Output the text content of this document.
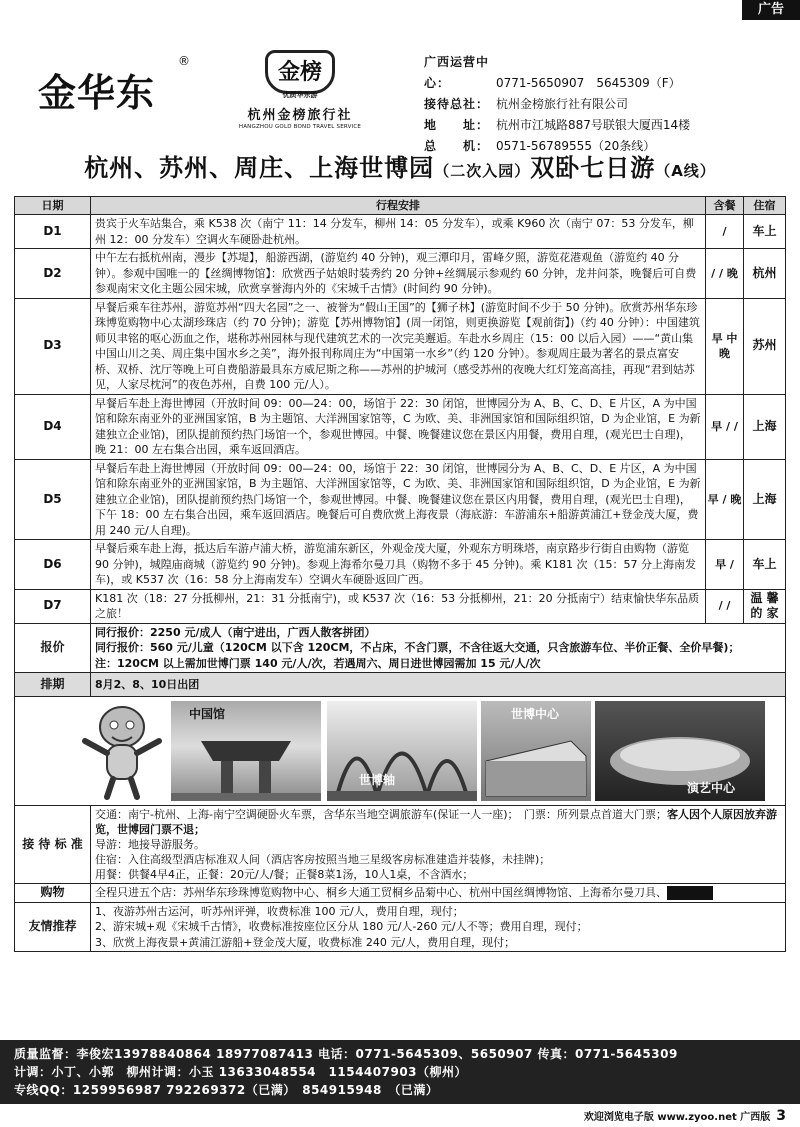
广告
金华东
®	金榜
优质华东游
杭州金榜旅行社
HANGZHOU GOLD BOND TRAVEL SERVICE
广西运营中心：	0771-5650907　5645309（F）
接待总社： 杭州金榜旅行社有限公司
地　　址： 杭州市江城路887号联银大厦西14楼
总　　机： 0571-56789555（20条线）
杭州、苏州、周庄、上海世博园（二次入园）双卧七日游（A线）
日期	行程安排	含餐	住宿
D1	贵宾于火车站集合，乘 K538 次（南宁 11：14 分发车，柳州 14：05 分发车），或乘 K960 次（南宁 07：53 分发车，柳州 12：00 分发车）空调火车硬卧赴杭州。	/	车上
D2	中午左右抵杭州南，漫步【苏堤】，船游西湖，(游览约 40 分钟)，观三潭印月，雷峰夕照，游览花港观鱼（游览约 40 分钟）。参观中国唯一的【丝绸博物馆】：欣赏西子姑娘时装秀约 20 分钟+丝绸展示参观约 60 分钟，龙井问茶，晚餐后可自费参观南宋文化主题公园宋城，欣赏享誉海内外的《宋城千古情》(时间约 90 分钟)。	/ / 晚	杭州
D3	早餐后乘车往苏州，游览苏州“四大名园”之一、被誉为“假山王国”的【狮子林】(游览时间不少于 50 分钟)。欣赏苏州华东珍珠博览购物中心太湖珍珠店（约 70 分钟)；游览【苏州博物馆】(周一闭馆，则更换游览【观前街】)（约 40 分钟）：中国建筑师贝聿铭的呕心沥血之作，堪称苏州园林与现代建筑艺术的一次完美邂逅。车赴水乡周庄（15：00 以后入园）——“黄山集中国山川之美、周庄集中国水乡之美”，海外报刊称周庄为“中国第一水乡”（约 120 分钟）。参观周庄最为著名的景点富安桥、双桥、沈厅等晚上可自费船游最具东方威尼斯之称——苏州的护城河（感受苏州的夜晚大红灯笼高高挂，再现“君到姑苏见，人家尽枕河”的夜色苏州，自费 100 元/人）。	早 中 晚	苏州
D4	早餐后车赴上海世博园（开放时间 09：00—24：00，场馆于 22：30 闭馆，世博园分为 A、B、C、D、E 片区，A 为中国馆和除东南亚外的亚洲国家馆，B 为主题馆、大洋洲国家馆等，C 为欧、美、非洲国家馆和国际组织馆，D 为企业馆，E 为新建独立企业馆)，团队提前预约热门场馆一个，参观世博园。中餐、晚餐建议您在景区内用餐，费用自理，(观光巴士自理)，晚 21：00 左右集合出园，乘车返回酒店。	早 / /	上海
D5	早餐后车赴上海世博园（开放时间 09：00—24：00，场馆于 22：30 闭馆，世博园分为 A、B、C、D、E 片区，A 为中国馆和除东南亚外的亚洲国家馆，B 为主题馆、大洋洲国家馆等，C 为欧、美、非洲国家馆和国际组织馆，D 为企业馆，E 为新建独立企业馆)，团队提前预约热门场馆一个，参观世博园。中餐、晚餐建议您在景区内用餐，费用自理，(观光巴士自理)，下午 18：00 左右集合出园，乘车返回酒店。晚餐后可自费欣赏上海夜景（海底游：车游浦东+船游黄浦江+登金茂大厦，费用 240 元/人自理)。	早 / 晚	上海
D6	早餐后乘车赴上海，抵达后车游卢浦大桥，游览浦东新区，外观金茂大厦，外观东方明珠塔，南京路步行街自由购物（游览 90 分钟)，城隍庙商城（游览约 90 分钟)。参观上海希尔曼刀具（购物不多于 45 分钟)。乘 K181 次（15：57 分上海南发车)，或 K537 次（16：58 分上海南发车）空调火车硬卧返回广西。	早 /	车上
D7	K181 次（18：27 分抵柳州，21：31 分抵南宁)，或 K537 次（16：53 分抵柳州，21：20 分抵南宁）结束愉快华东品质之旅！	/ /	温 馨 的 家
报价	同行报价：2250 元/成人（南宁进出，广西人散客拼团）
同行报价：560 元/儿童（120CM 以下含 120CM，不占床，不含门票，不含往返大交通，只含旅游车位、半价正餐、全价早餐)；
注：120CM 以上需加世博门票 140 元/人/次，若遇周六、周日进世博园需加 15 元/人/次		

排期	8月2、8、10日出团		

中国馆
世博轴
世博中心
演艺中心			

接 待 标 准	交通：南宁-杭州、上海-南宁空调硬卧火车票，含华东当地空调旅游车(保证一人一座)；　门票：所列景点首道大门票；客人因个人原因放弃游览，世博园门票不退；
导游：地接导游服务。
住宿：入住高级型酒店标准双人间（酒店客房按照当地三星级客房标准建造并装修，未挂牌)；
用餐：供餐4早4正，正餐：20元/人/餐；正餐8菜1汤，10人1桌，不含酒水；		

购物	全程只进五个店：苏州华东珍珠博览购物中心、桐乡大通工贸桐乡品菊中心、杭州中国丝绸博物馆、上海希尔曼刀具、		
友情推荐	1、夜游苏州古运河，听苏州评弹，收费标准 100 元/人，费用自理，现付；
2、游宋城+观《宋城千古情》，收费标准按座位区分从 180 元/人-260 元/人不等；费用自理，现付；
3、欣赏上海夜景+黄浦江游船+登金茂大厦，收费标准 240 元/人，费用自理，现付；		
质量监督：李俊宏13978840864 18977087413 电话：0771-5645309、5650907 传真：0771-5645309
计调：小丁、小郭　柳州计调：小玉 13633048554　1154407903（柳州）
专线QQ：1259956987 792269372（已满）　854915948　（已满）
欢迎浏览电子版 www.zyoo.net 广西版 3
